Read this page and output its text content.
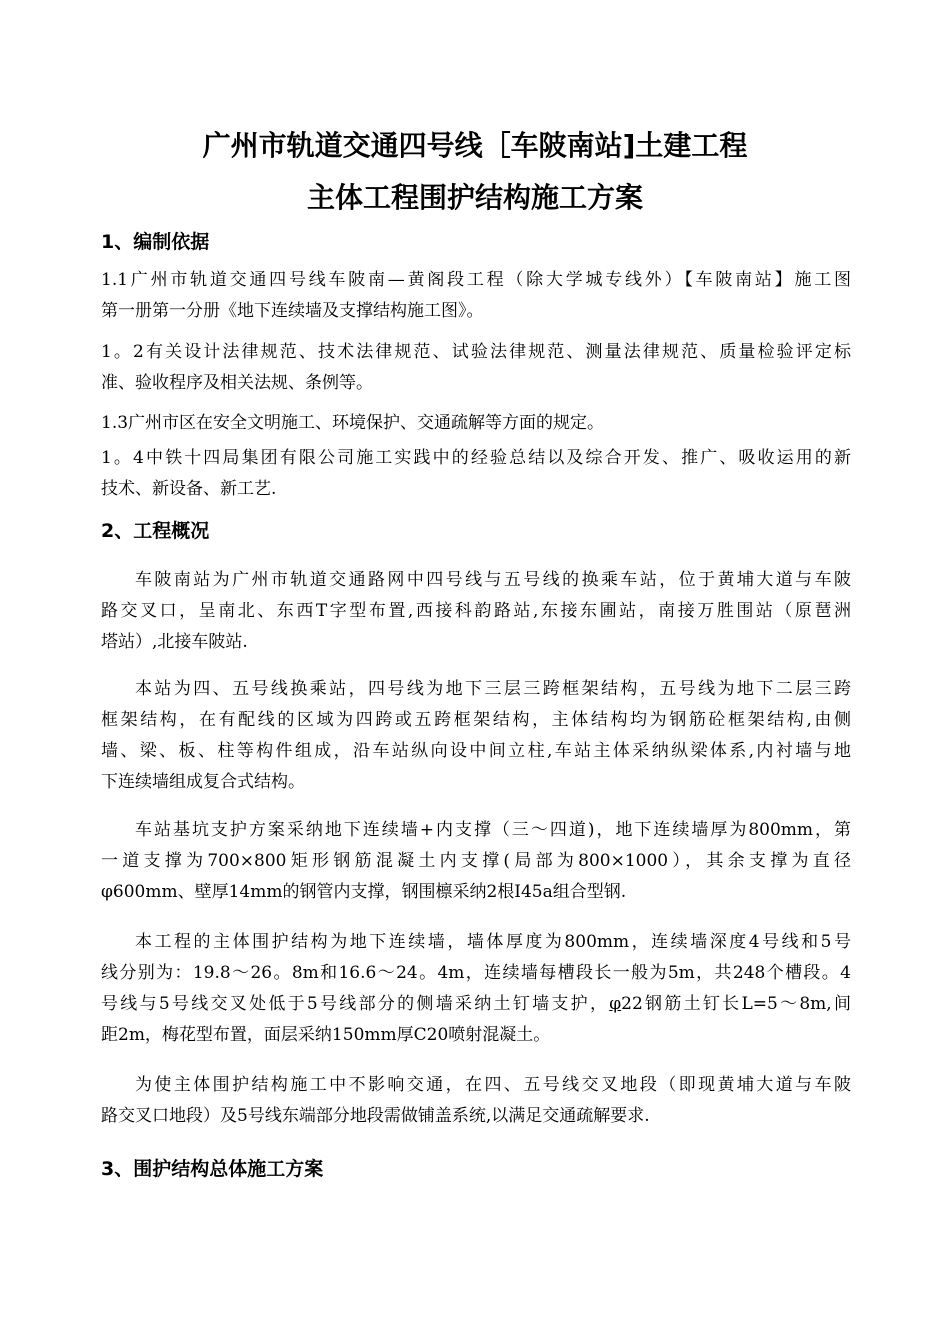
广州市轨道交通四号线［车陂南站]土建工程
主体工程围护结构施工方案
1、编制依据
1.1广州市轨道交通四号线车陂南—黄阁段工程（除大学城专线外）【车陂南站】施工图
第一册第一分册《地下连续墙及支撑结构施工图》。
1。2有关设计法律规范、技术法律规范、试验法律规范、测量法律规范、质量检验评定标
准、验收程序及相关法规、条例等。
1.3广州市区在安全文明施工、环境保护、交通疏解等方面的规定。
1。4中铁十四局集团有限公司施工实践中的经验总结以及综合开发、推广、吸收运用的新
技术、新设备、新工艺.
2、工程概况
车陂南站为广州市轨道交通路网中四号线与五号线的换乘车站，位于黄埔大道与车陂
路交叉口，呈南北、东西T字型布置,西接科韵路站,东接东圃站，南接万胜围站（原琶洲
塔站）,北接车陂站.
本站为四、五号线换乘站，四号线为地下三层三跨框架结构，五号线为地下二层三跨
框架结构，在有配线的区域为四跨或五跨框架结构，主体结构均为钢筋砼框架结构,由侧
墙、梁、板、柱等构件组成，沿车站纵向设中间立柱,车站主体采纳纵梁体系,内衬墙与地
下连续墙组成复合式结构。
车站基坑支护方案采纳地下连续墙+内支撑（三～四道)，地下连续墙厚为800mm，第
一道支撑为700×800矩形钢筋混凝土内支撑(局部为800×1000），其余支撑为直径
φ600mm、壁厚14mm的钢管内支撑，钢围檩采纳2根I45a组合型钢.
本工程的主体围护结构为地下连续墙，墙体厚度为800mm，连续墙深度4号线和5号
线分别为：19.8～26。8m和16.6～24。4m，连续墙每槽段长一般为5m，共248个槽段。4
号线与5号线交叉处低于5号线部分的侧墙采纳土钉墙支护，φ22钢筋土钉长L=5～8m,间
距2m，梅花型布置，面层采纳150mm厚C20喷射混凝土。
为使主体围护结构施工中不影响交通，在四、五号线交叉地段（即现黄埔大道与车陂
路交叉口地段）及5号线东端部分地段需做铺盖系统,以满足交通疏解要求.
3、围护结构总体施工方案
